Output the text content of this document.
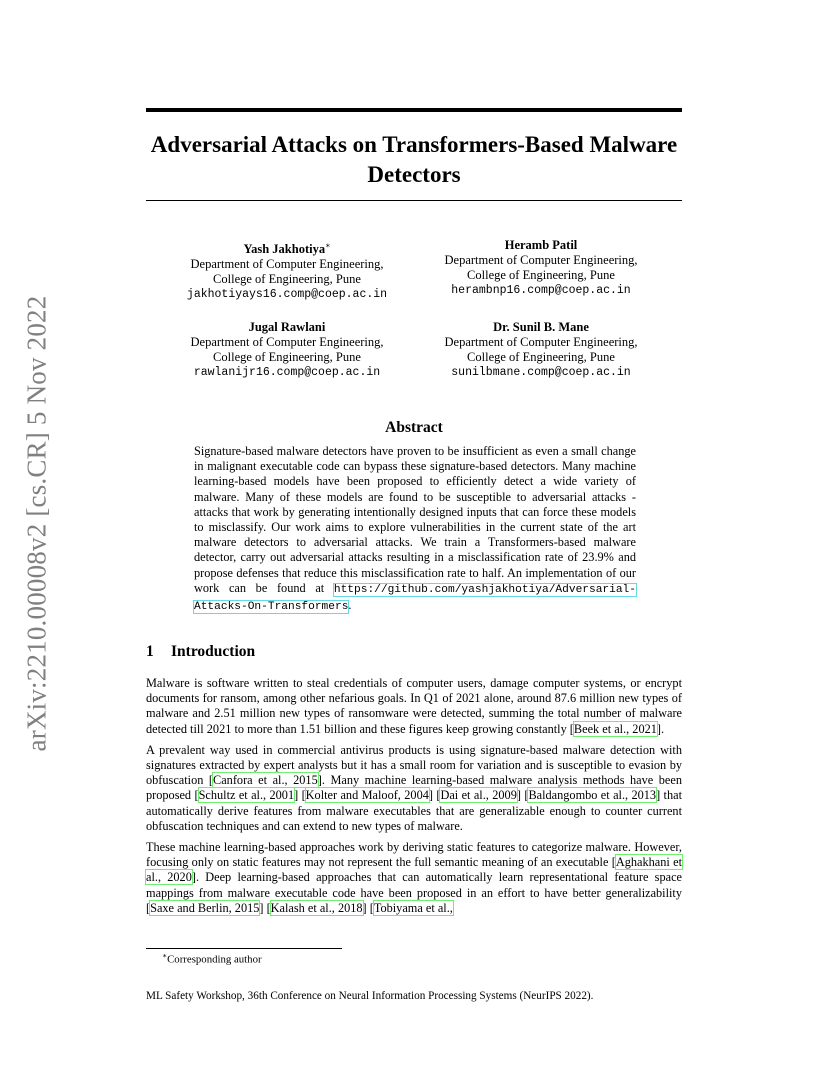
arXiv:2210.00008v2 [cs.CR] 5 Nov 2022
Adversarial Attacks on Transformers-Based Malware Detectors
Yash Jakhotiya∗
Department of Computer Engineering,
College of Engineering, Pune
jakhotiyays16.comp@coep.ac.in
Heramb Patil
Department of Computer Engineering,
College of Engineering, Pune
herambnp16.comp@coep.ac.in
Jugal Rawlani
Department of Computer Engineering,
College of Engineering, Pune
rawlanijr16.comp@coep.ac.in
Dr. Sunil B. Mane
Department of Computer Engineering,
College of Engineering, Pune
sunilbmane.comp@coep.ac.in
Abstract

Signature-based malware detectors have proven to be insufficient as even a small change in malignant executable code can bypass these signature-based detectors. Many machine learning-based models have been proposed to efficiently detect a wide variety of malware. Many of these models are found to be susceptible to adversarial attacks - attacks that work by generating intentionally designed inputs that can force these models to misclassify. Our work aims to explore vulnerabilities in the current state of the art malware detectors to adversarial attacks. We train a Transformers-based malware detector, carry out adversarial attacks resulting in a misclassification rate of 23.9% and propose defenses that reduce this misclassification rate to half. An implementation of our work can be found at https://github.com/yashjakhotiya/Adversarial-Attacks-On-Transformers.

1 Introduction

Malware is software written to steal credentials of computer users, damage computer systems, or encrypt documents for ransom, among other nefarious goals. In Q1 of 2021 alone, around 87.6 million new types of malware and 2.51 million new types of ransomware were detected, summing the total number of malware detected till 2021 to more than 1.51 billion and these figures keep growing constantly [Beek et al., 2021].

A prevalent way used in commercial antivirus products is using signature-based malware detection with signatures extracted by expert analysts but it has a small room for variation and is susceptible to evasion by obfuscation [Canfora et al., 2015]. Many machine learning-based malware analysis methods have been proposed [Schultz et al., 2001] [Kolter and Maloof, 2004] [Dai et al., 2009] [Baldangombo et al., 2013] that automatically derive features from malware executables that are generalizable enough to counter current obfuscation techniques and can extend to new types of malware.

These machine learning-based approaches work by deriving static features to categorize malware. However, focusing only on static features may not represent the full semantic meaning of an executable [Aghakhani et al., 2020]. Deep learning-based approaches that can automatically learn representational feature space mappings from malware executable code have been proposed in an effort to have better generalizability [Saxe and Berlin, 2015] [Kalash et al., 2018] [Tobiyama et al.,

∗Corresponding author
ML Safety Workshop, 36th Conference on Neural Information Processing Systems (NeurIPS 2022).
